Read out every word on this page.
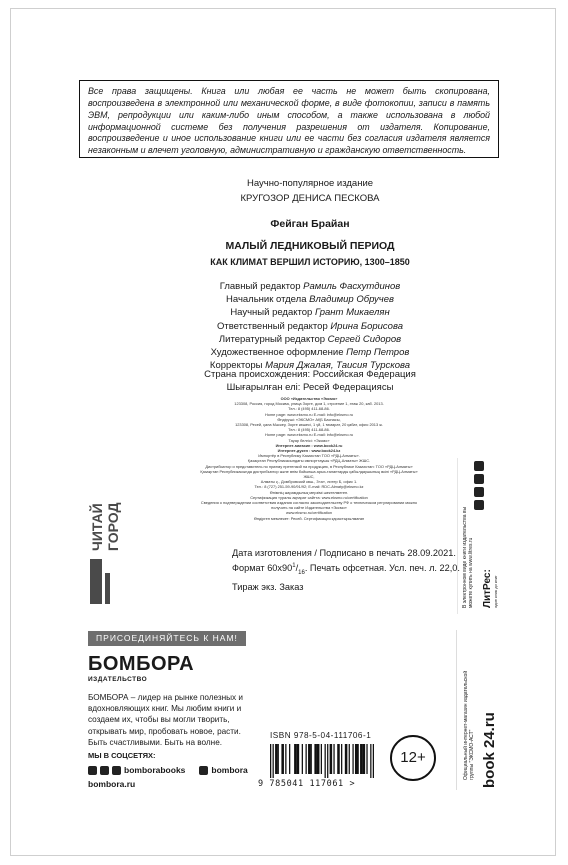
Все права защищены. Книга или любая ее часть не может быть скопирована, воспроизведена в электронной или механической форме, в виде фотокопии, записи в память ЭВМ, репродукции или каким-либо иным способом, а также использована в любой информационной системе без получения разрешения от издателя. Копирование, воспроизведение и иное использование книги или ее части без согласия издателя является незаконным и влечет уголовную, административную и гражданскую ответственность.
Научно-популярное издание
КРУГОЗОР ДЕНИСА ПЕСКОВА
Фейган Брайан
МАЛЫЙ ЛЕДНИКОВЫЙ ПЕРИОД
КАК КЛИМАТ ВЕРШИЛ ИСТОРИЮ, 1300–1850
Главный редактор Рамиль Фасхутдинов
Начальник отдела Владимир Обручев
Научный редактор Грант Микаелян
Ответственный редактор Ирина Борисова
Литературный редактор Сергей Сидоров
Художественное оформление Петр Петров
Корректоры Мария Джалая, Таисия Турскова
Страна происхождения: Российская Федерация
Шығарылған елі: Ресей Федерациясы
ООО «Издательство «Эксмо»
123308, Россия, город Москва, улица Зорге, дом 1, строение 1, этаж 20, каб. 2013.
Тел.: 8 (495) 411-68-86.
Home page: www.eksmo.ru E-mail: info@eksmo.ru
Өндіруші: «ЭКСМО» АҚБ Баспасы,
123308, Ресей, қала Мәскеу, Зорге көшесі, 1 үй, 1 ғимарат, 20 қабат, офис 2013 ж.
Тел.: 8 (495) 411-68-86.
Home page: www.eksmo.ru E-mail: info@eksmo.ru
Тауар белгісі: «Эксмо»
Интернет-магазин : www.book24.ru
Интернет-дүкен : www.book24.kz
Импортёр в Республику Казахстан ТОО «РДЦ-Алматы».
Қазақстан Республикасындағы импорттаушы «РДЦ-Алматы» ЖШС.
Дистрибьютор и представитель по приему претензий на продукцию, в Республике Казахстан: ТОО «РДЦ-Алматы»
Қазақстан Республикасында дистрибьютор және өнім бойынша арыз-талаптарды қабылдаушының өкілі «РДЦ-Алматы» ЖШС,
Алматы қ., Домбровский көш., 3«а», литер Б, офис 1.
Тел.: 8 (727) 251-59-90/91/92; E-mail: RDC-Almaty@eksmo.kz
Өнімнің жарамдылық мерзімі шектелмеген.
Сертификация туралы ақпарат сайтта: www.eksmo.ru/certification
Сведения о подтверждении соответствия издания согласно законодательству РФ о техническом регулировании можно получить на сайте Издательства «Эксмо»
www.eksmo.ru/certification
Өндірген мемлекет: Ресей. Сертификация қарастырылмаған
Дата изготовления / Подписано в печать 28.09.2021.
Формат $60x90^1/_{16}$. Печать офсетная. Усл. печ. л. 22,0.
Тираж экз. Заказ
ЧИТАЙ ГОРОД	В электронном виде книги издательства вы можете купить на www.litres.ru ЛитРес: один клик до книг
ПРИСОЕДИНЯЙТЕСЬ К НАМ!
БОМБОРА
ИЗДАТЕЛЬСТВО
БОМБОРА – лидер на рынке полезных и вдохновляющих книг. Мы любим книги и создаем их, чтобы вы могли творить, открывать мир, пробовать новое, расти. Быть счастливыми. Быть на волне.
МЫ В СОЦСЕТЯХ:
bomborabooks	bombora
bombora.ru
ISBN 978-5-04-111706-1
9 785041 117061 >
12+	Официальный интернет-магазин издательской группы "ЭКСМО-АСТ" book 24.ru
